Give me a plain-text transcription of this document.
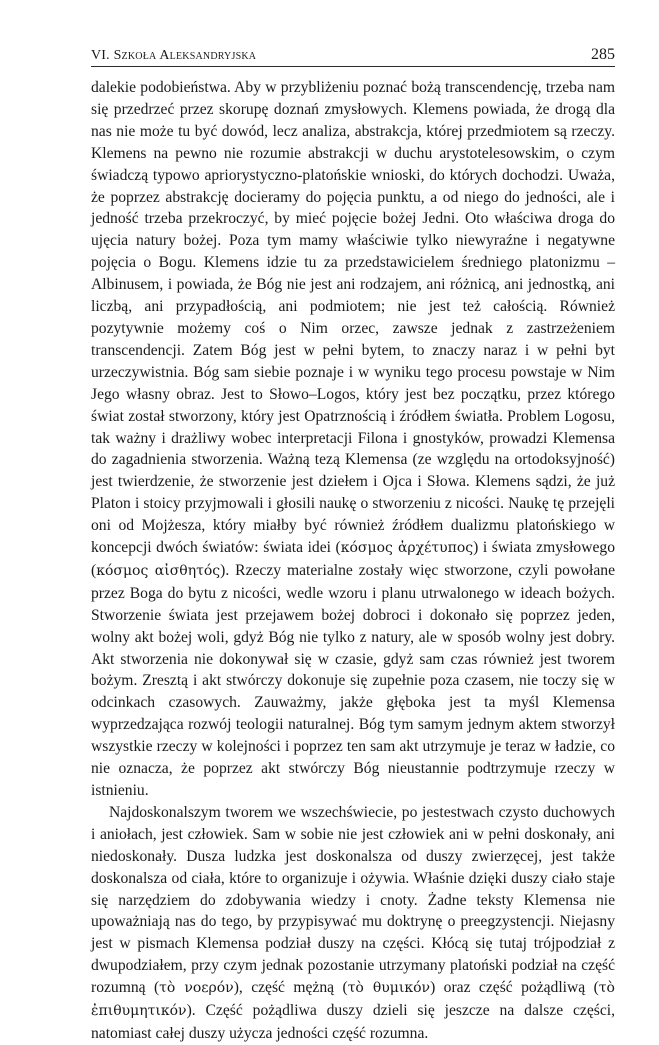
VI. Szkoła Aleksandryjska	285

dalekie podobieństwa. Aby w przybliżeniu poznać bożą transcendencję, trzeba nam się przedrzeć przez skorupę doznań zmysłowych. Klemens powiada, że drogą dla nas nie może tu być dowód, lecz analiza, abstrakcja, której przedmiotem są rzeczy. Klemens na pewno nie rozumie abstrakcji w duchu arystotelesowskim, o czym świadczą typowo apriorystyczno-platońskie wnioski, do których dochodzi. Uważa, że poprzez abstrakcję docieramy do pojęcia punktu, a od niego do jedności, ale i jedność trzeba przekroczyć, by mieć pojęcie bożej Jedni. Oto właściwa droga do ujęcia natury bożej. Poza tym mamy właściwie tylko niewyraźne i negatywne pojęcia o Bogu. Klemens idzie tu za przedstawicielem średniego platonizmu – Albinusem, i powiada, że Bóg nie jest ani rodzajem, ani różnicą, ani jednostką, ani liczbą, ani przypadłością, ani podmiotem; nie jest też całością. Również pozytywnie możemy coś o Nim orzec, zawsze jednak z zastrzeżeniem transcendencji. Zatem Bóg jest w pełni bytem, to znaczy naraz i w pełni byt urzeczywistnia. Bóg sam siebie poznaje i w wyniku tego procesu powstaje w Nim Jego własny obraz. Jest to Słowo–Logos, który jest bez początku, przez którego świat został stworzony, który jest Opatrznością i źródłem światła. Problem Logosu, tak ważny i drażliwy wobec interpretacji Filona i gnostyków, prowadzi Klemensa do zagadnienia stworzenia. Ważną tezą Klemensa (ze względu na ortodoksyjność) jest twierdzenie, że stworzenie jest dziełem i Ojca i Słowa. Klemens sądzi, że już Platon i stoicy przyjmowali i głosili naukę o stworzeniu z nicości. Naukę tę przejęli oni od Mojżesza, który miałby być również źródłem dualizmu platońskiego w koncepcji dwóch światów: świata idei (κόσμος ἀρχέτυπος) i świata zmysłowego (κόσμος αἰσθητός). Rzeczy materialne zostały więc stworzone, czyli powołane przez Boga do bytu z nicości, wedle wzoru i planu utrwalonego w ideach bożych. Stworzenie świata jest przejawem bożej dobroci i dokonało się poprzez jeden, wolny akt bożej woli, gdyż Bóg nie tylko z natury, ale w sposób wolny jest dobry. Akt stworzenia nie dokonywał się w czasie, gdyż sam czas również jest tworem bożym. Zresztą i akt stwórczy dokonuje się zupełnie poza czasem, nie toczy się w odcinkach czasowych. Zauważmy, jakże głęboka jest ta myśl Klemensa wyprzedzająca rozwój teologii naturalnej. Bóg tym samym jednym aktem stworzył wszystkie rzeczy w kolejności i poprzez ten sam akt utrzymuje je teraz w ładzie, co nie oznacza, że poprzez akt stwórczy Bóg nieustannie podtrzymuje rzeczy w istnieniu.

Najdoskonalszym tworem we wszechświecie, po jestestwach czysto duchowych i aniołach, jest człowiek. Sam w sobie nie jest człowiek ani w pełni doskonały, ani niedoskonały. Dusza ludzka jest doskonalsza od duszy zwierzęcej, jest także doskonalsza od ciała, które to organizuje i ożywia. Właśnie dzięki duszy ciało staje się narzędziem do zdobywania wiedzy i cnoty. Żadne teksty Klemensa nie upoważniają nas do tego, by przypisywać mu doktrynę o preegzystencji. Niejasny jest w pismach Klemensa podział duszy na części. Kłócą się tutaj trójpodział z dwupodziałem, przy czym jednak pozostanie utrzymany platoński podział na część rozumną (τὸ νοερόν), część mężną (τὸ θυμικόν) oraz część pożądliwą (τὸ ἐπιθυμητικόν). Część pożądliwa duszy dzieli się jeszcze na dalsze części, natomiast całej duszy użycza jedności część rozumna.
